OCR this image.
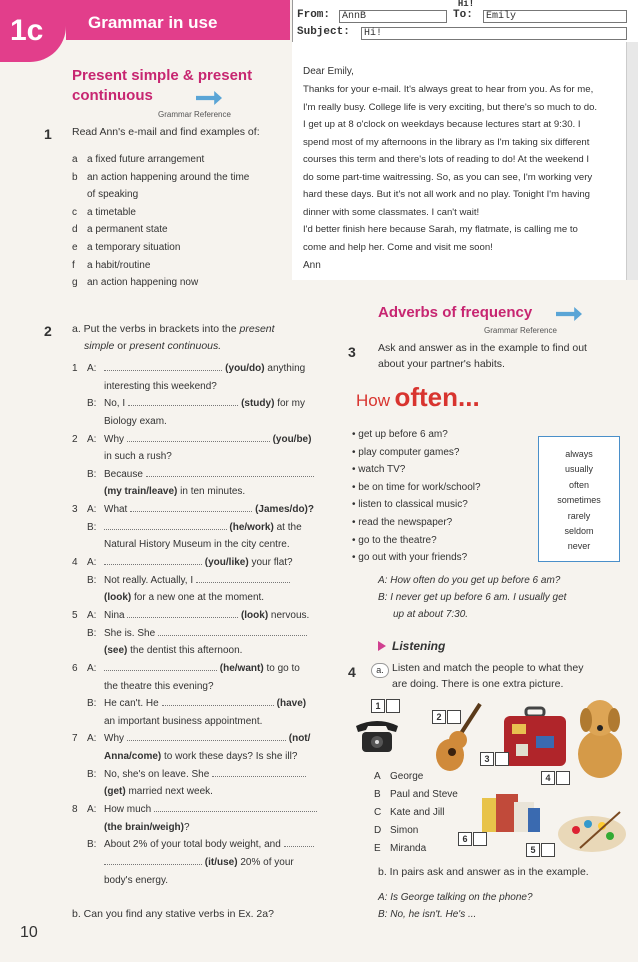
1c	Grammar in use
Hi!
From:	AnnB	To:	Emily
Subject:	Hi!
Dear Emily,
Thanks for your e-mail. It's always great to hear from you. As for me,
I'm really busy. College life is very exciting, but there's so much to do.
I get up at 8 o'clock on weekdays because lectures start at 9:30. I
spend most of my afternoons in the library as I'm taking six different
courses this term and there's lots of reading to do! At the weekend I
do some part-time waitressing. So, as you can see, I'm working very
hard these days. But it's not all work and no play. Tonight I'm having
dinner with some classmates. I can't wait!
I'd better finish here because Sarah, my flatmate, is calling me to
come and help her. Come and visit me soon!
Ann
Present simple & present
continuous
Grammar Reference
1 Read Ann's e-mail and find examples of:
a a fixed future arrangement
b an action happening around the time
of speaking
c a timetable
d a permanent state
e a temporary situation
f a habit/routine
g an action happening now
2 a. Put the verbs in brackets into the present
simple or present continuous.
1 A:	(you/do) anything
interesting this weekend?
B: No, I	(study) for my
Biology exam.
2 A: Why	(you/be)
in such a rush?
B: Because
(my train/leave) in ten minutes.
3 A: What	(James/do)?
B:	(he/work) at the
Natural History Museum in the city centre.
4 A:	(you/like) your flat?
B: Not really. Actually, I
(look) for a new one at the moment.
5 A: Nina	(look) nervous.
B: She is. She
(see) the dentist this afternoon.
6 A:	(he/want) to go to
the theatre this evening?
B: He can't. He	(have)
an important business appointment.
7 A: Why	(not/
Anna/come) to work these days? Is she ill?
B: No, she's on leave. She
(get) married next week.
8 A: How much
(the brain/weigh)?
B: About 2% of your total body weight, and
(it/use) 20% of your
body's energy.
b. Can you find any stative verbs in Ex. 2a?
Adverbs of frequency
Grammar Reference
3 Ask and answer as in the example to find out
about your partner's habits.
How often...
• get up before 6 am?
• play computer games?
• watch TV?
• be on time for work/school?
• listen to classical music?
• read the newspaper?
• go to the theatre?
• go out with your friends?
always
usually
often
sometimes
rarely
seldom
never
A: How often do you get up before 6 am?
B: I never get up before 6 am. I usually get
up at about 7:30.
Listening
4	a. Listen and match the people to what they
are doing. There is one extra picture.
1
2
3
4
6
5
A George
B Paul and Steve
C Kate and Jill
D Simon
E Miranda
b. In pairs ask and answer as in the example.
A: Is George talking on the phone?
B: No, he isn't. He's ...
10
